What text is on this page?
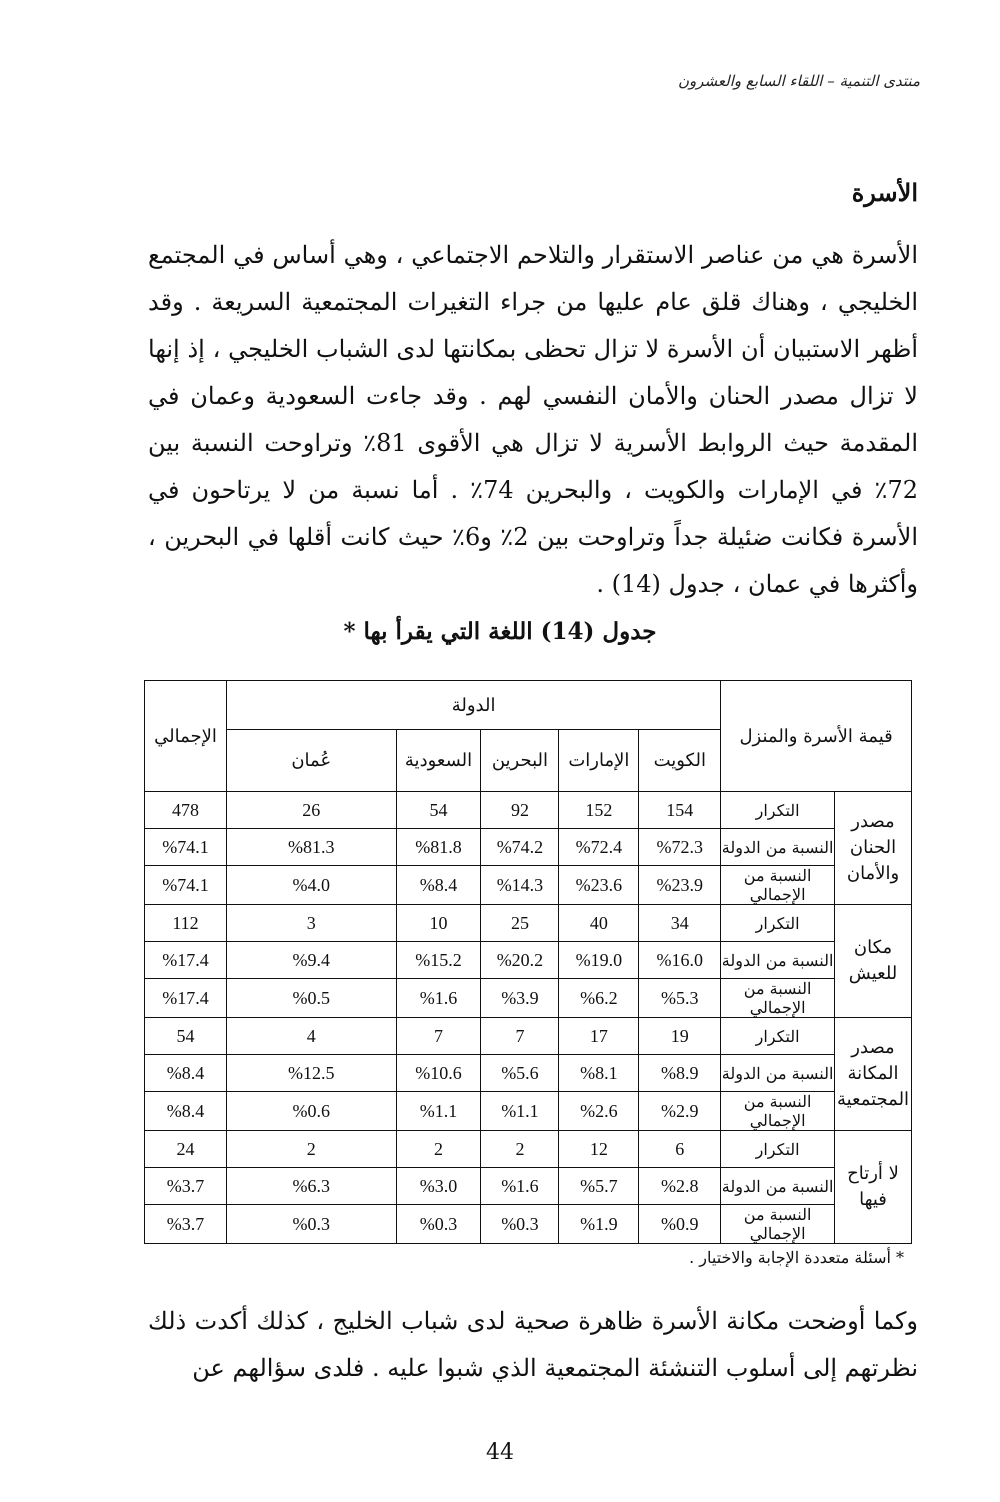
منتدى التنمية – اللقاء السابع والعشرون
الأسرة

الأسرة هي من عناصر الاستقرار والتلاحم الاجتماعي ، وهي أساس في المجتمع الخليجي ، وهناك قلق عام عليها من جراء التغيرات المجتمعية السريعة . وقد أظهر الاستبيان أن الأسرة لا تزال تحظى بمكانتها لدى الشباب الخليجي ، إذ إنها لا تزال مصدر الحنان والأمان النفسي لهم . وقد جاءت السعودية وعمان في المقدمة حيث الروابط الأسرية لا تزال هي الأقوى 81٪ وتراوحت النسبة بين 72٪ في الإمارات والكويت ، والبحرين 74٪ . أما نسبة من لا يرتاحون في الأسرة فكانت ضئيلة جداً وتراوحت بين 2٪ و6٪ حيث كانت أقلها في البحرين ، وأكثرها في عمان ، جدول (14) .

جدول (14) اللغة التي يقرأ بها *
قيمة الأسرة والمنزل		الدولة					الإجمالي
		الكويت	الإمارات	البحرين	السعودية	عُمان	
مصدر الحنان والأمان	التكرار	154	152	92	54	26	478
	النسبة من الدولة	%72.3	%72.4	%74.2	%81.8	%81.3	%74.1
	النسبة من الإجمالي	%23.9	%23.6	%14.3	%8.4	%4.0	%74.1
مكان للعيش	التكرار	34	40	25	10	3	112
	النسبة من الدولة	%16.0	%19.0	%20.2	%15.2	%9.4	%17.4
	النسبة من الإجمالي	%5.3	%6.2	%3.9	%1.6	%0.5	%17.4
مصدر المكانة المجتمعية	التكرار	19	17	7	7	4	54
	النسبة من الدولة	%8.9	%8.1	%5.6	%10.6	%12.5	%8.4
	النسبة من الإجمالي	%2.9	%2.6	%1.1	%1.1	%0.6	%8.4
لا أرتاح فيها	التكرار	6	12	2	2	2	24
	النسبة من الدولة	%2.8	%5.7	%1.6	%3.0	%6.3	%3.7
	النسبة من الإجمالي	%0.9	%1.9	%0.3	%0.3	%0.3	%3.7
* أسئلة متعددة الإجابة والاختيار .

وكما أوضحت مكانة الأسرة ظاهرة صحية لدى شباب الخليج ، كذلك أكدت ذلك نظرتهم إلى أسلوب التنشئة المجتمعية الذي شبوا عليه . فلدى سؤالهم عن

44
